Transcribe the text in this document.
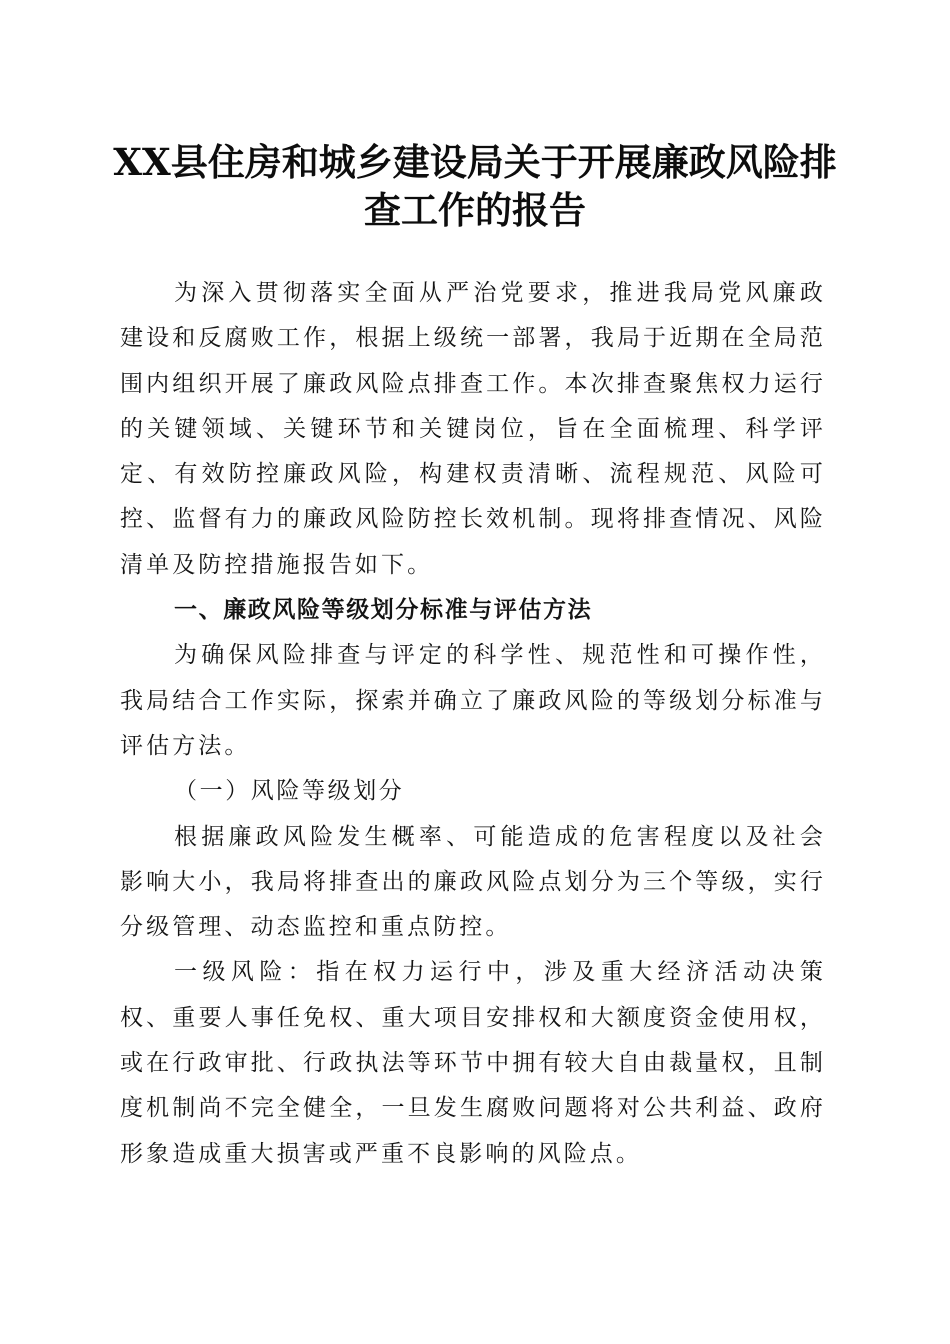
XX县住房和城乡建设局关于开展廉政风险排查工作的报告

为深入贯彻落实全面从严治党要求，推进我局党风廉政建设和反腐败工作，根据上级统一部署，我局于近期在全局范围内组织开展了廉政风险点排查工作。本次排查聚焦权力运行的关键领域、关键环节和关键岗位，旨在全面梳理、科学评定、有效防控廉政风险，构建权责清晰、流程规范、风险可控、监督有力的廉政风险防控长效机制。现将排查情况、风险清单及防控措施报告如下。

一、廉政风险等级划分标准与评估方法

为确保风险排查与评定的科学性、规范性和可操作性，我局结合工作实际，探索并确立了廉政风险的等级划分标准与评估方法。

（一）风险等级划分

根据廉政风险发生概率、可能造成的危害程度以及社会影响大小，我局将排查出的廉政风险点划分为三个等级，实行分级管理、动态监控和重点防控。

一级风险：指在权力运行中，涉及重大经济活动决策权、重要人事任免权、重大项目安排权和大额度资金使用权，或在行政审批、行政执法等环节中拥有较大自由裁量权，且制度机制尚不完全健全，一旦发生腐败问题将对公共利益、政府形象造成重大损害或严重不良影响的风险点。
